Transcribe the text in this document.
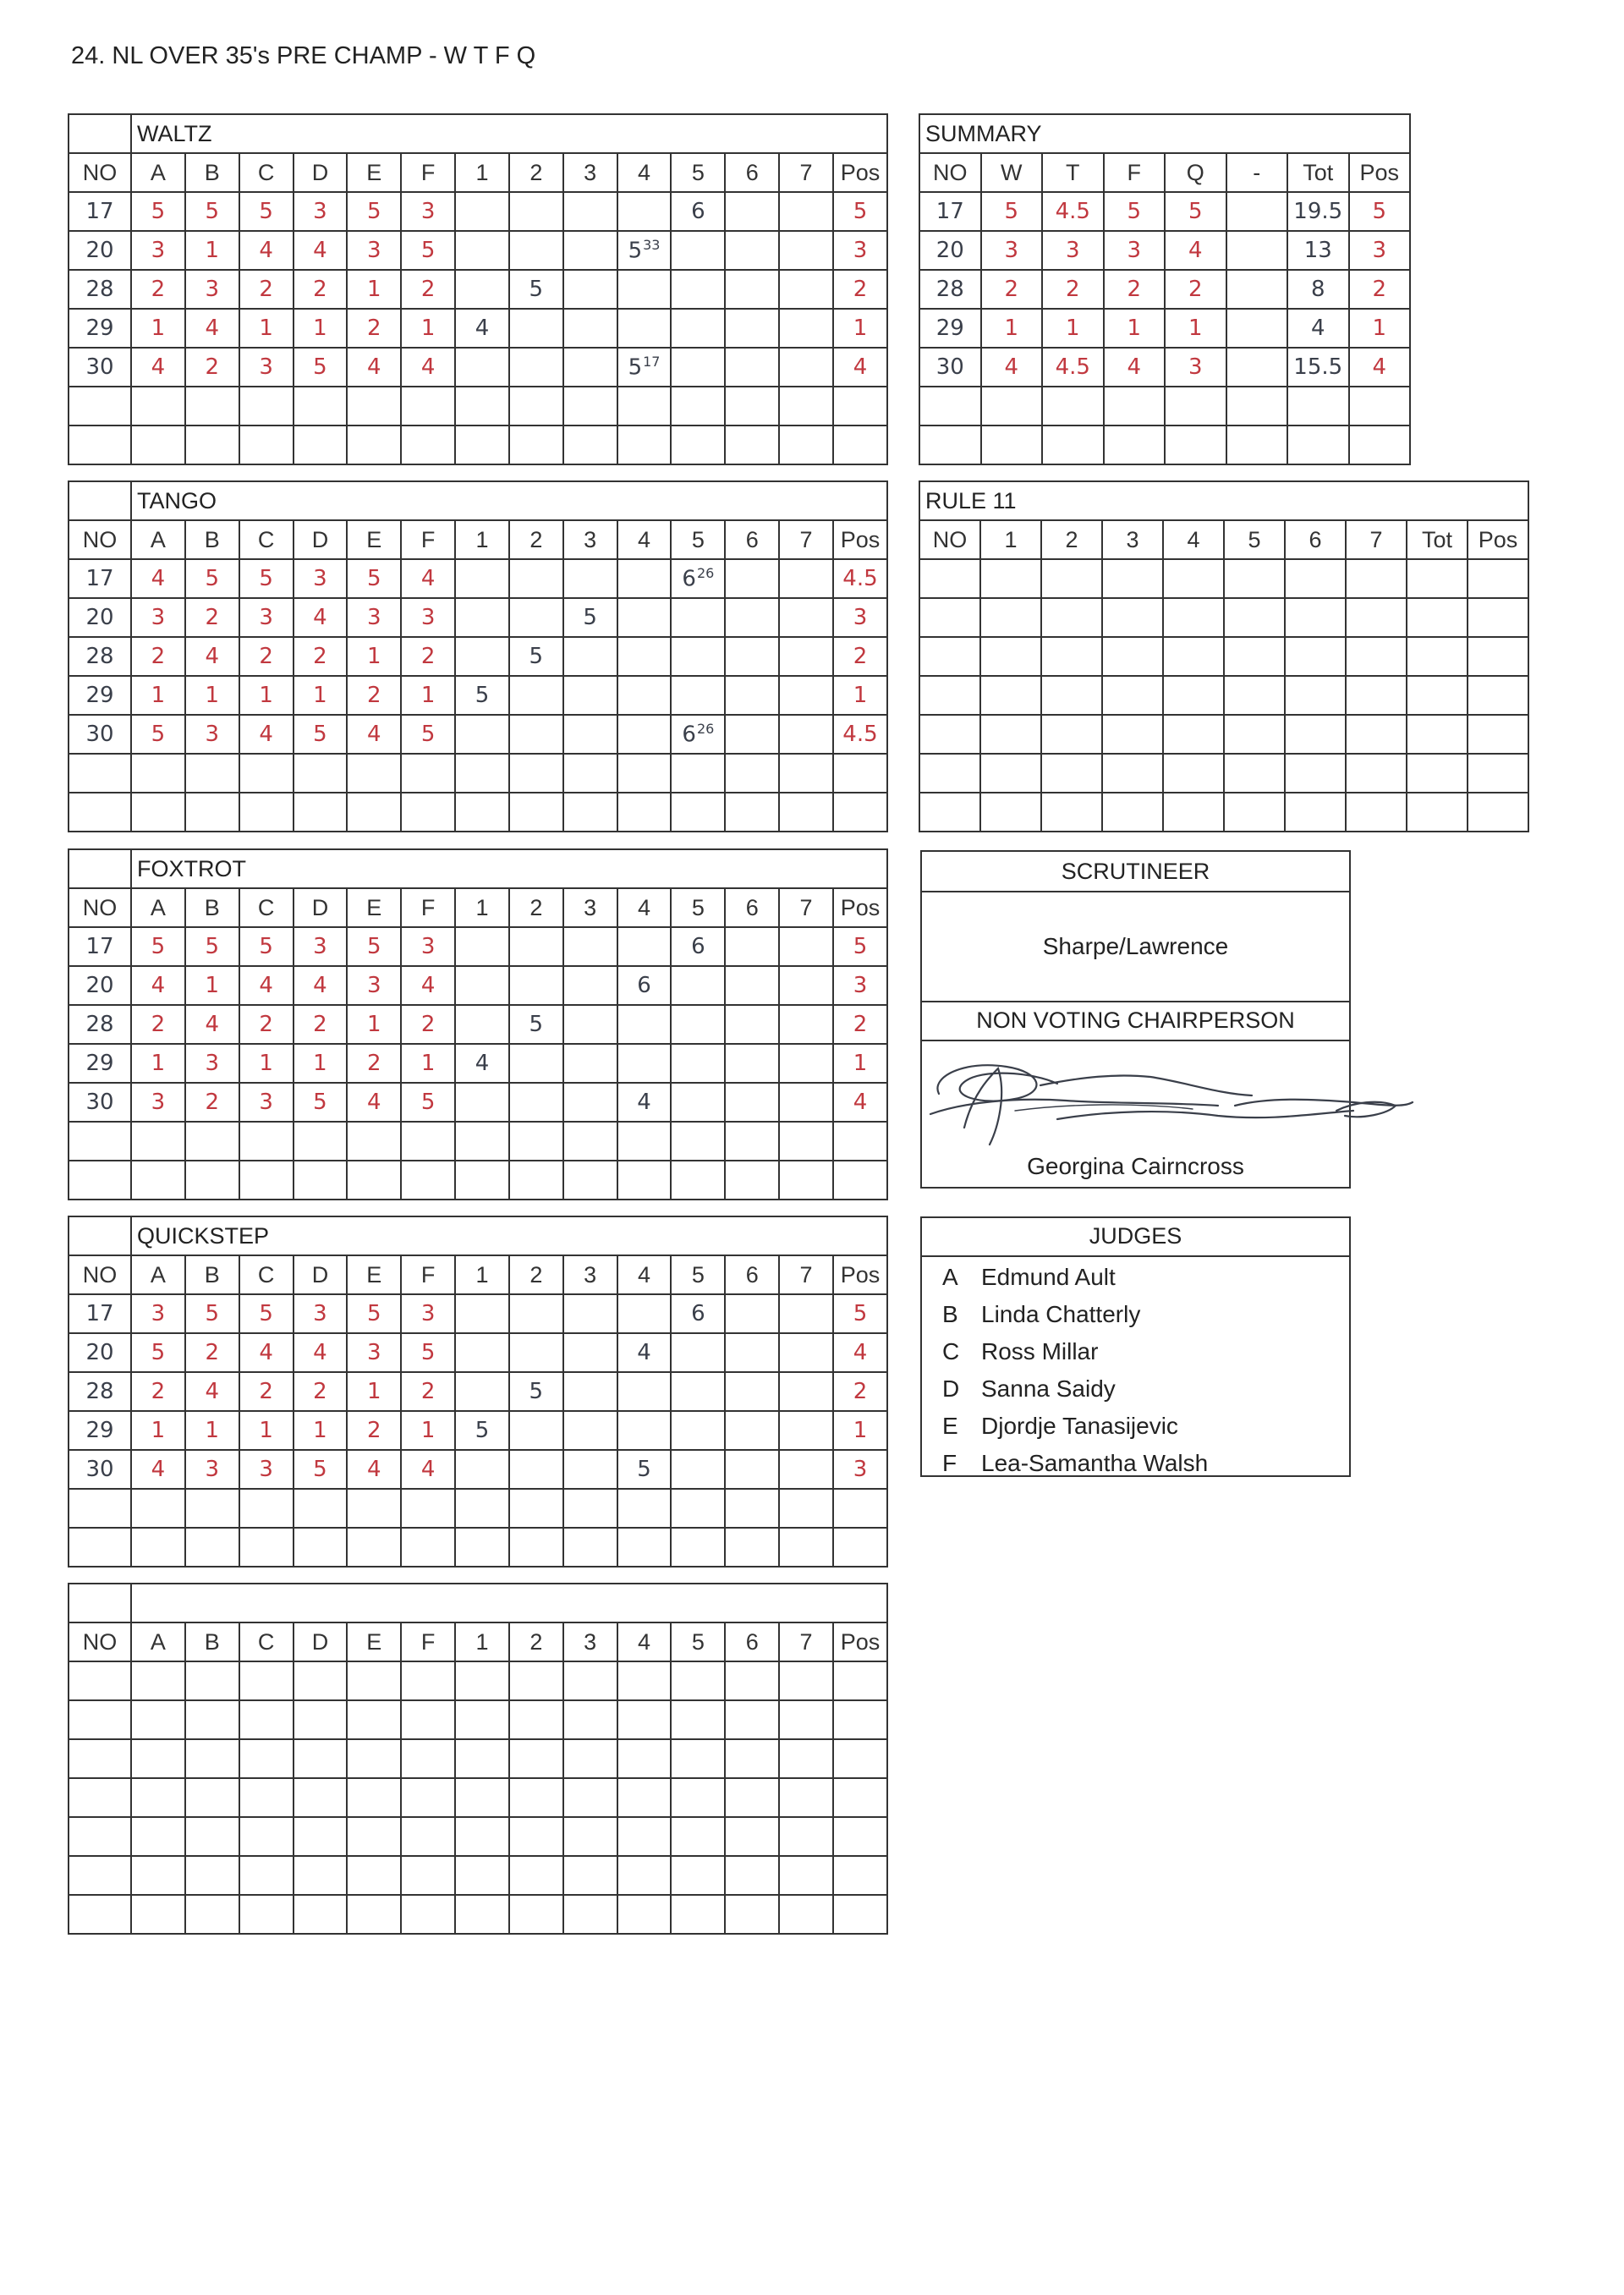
24. NL OVER 35's PRE CHAMP - W T F Q
	WALTZ													
NO	A	B	C	D	E	F	1	2	3	4	5	6	7	Pos
17	5	5	5	3	5	3					6			5
20	3	1	4	4	3	5				$5^{33}$				3
28	2	3	2	2	1	2		5						2
29	1	4	1	1	2	1	4							1
30	4	2	3	5	4	4				$5^{17}$				4

	TANGO													
NO	A	B	C	D	E	F	1	2	3	4	5	6	7	Pos
17	4	5	5	3	5	4					$6^{26}$			4.5
20	3	2	3	4	3	3			5					3
28	2	4	2	2	1	2		5						2
29	1	1	1	1	2	1	5							1
30	5	3	4	5	4	5					$6^{26}$			4.5

	FOXTROT													
NO	A	B	C	D	E	F	1	2	3	4	5	6	7	Pos
17	5	5	5	3	5	3					6			5
20	4	1	4	4	3	4				6				3
28	2	4	2	2	1	2		5						2
29	1	3	1	1	2	1	4							1
30	3	2	3	5	4	5				4				4

	QUICKSTEP													
NO	A	B	C	D	E	F	1	2	3	4	5	6	7	Pos
17	3	5	5	3	5	3					6			5
20	5	2	4	4	3	5				4				4
28	2	4	2	2	1	2		5						2
29	1	1	1	1	2	1	5							1
30	4	3	3	5	4	4				5				3

NO	A	B	C	D	E	F	1	2	3	4	5	6	7	Pos

SUMMARY							
NO	W	T	F	Q	-	Tot	Pos
17	5	4.5	5	5		19.5	5
20	3	3	3	4		13	3
28	2	2	2	2		8	2
29	1	1	1	1		4	1
30	4	4.5	4	3		15.5	4

RULE 11									
NO	1	2	3	4	5	6	7	Tot	Pos

SCRUTINEER
Sharpe/Lawrence
NON VOTING CHAIRPERSON
Georgina Cairncross
JUDGES
A Edmund Ault
B Linda Chatterly
C Ross Millar
D Sanna Saidy
E Djordje Tanasijevic
F Lea-Samantha Walsh
